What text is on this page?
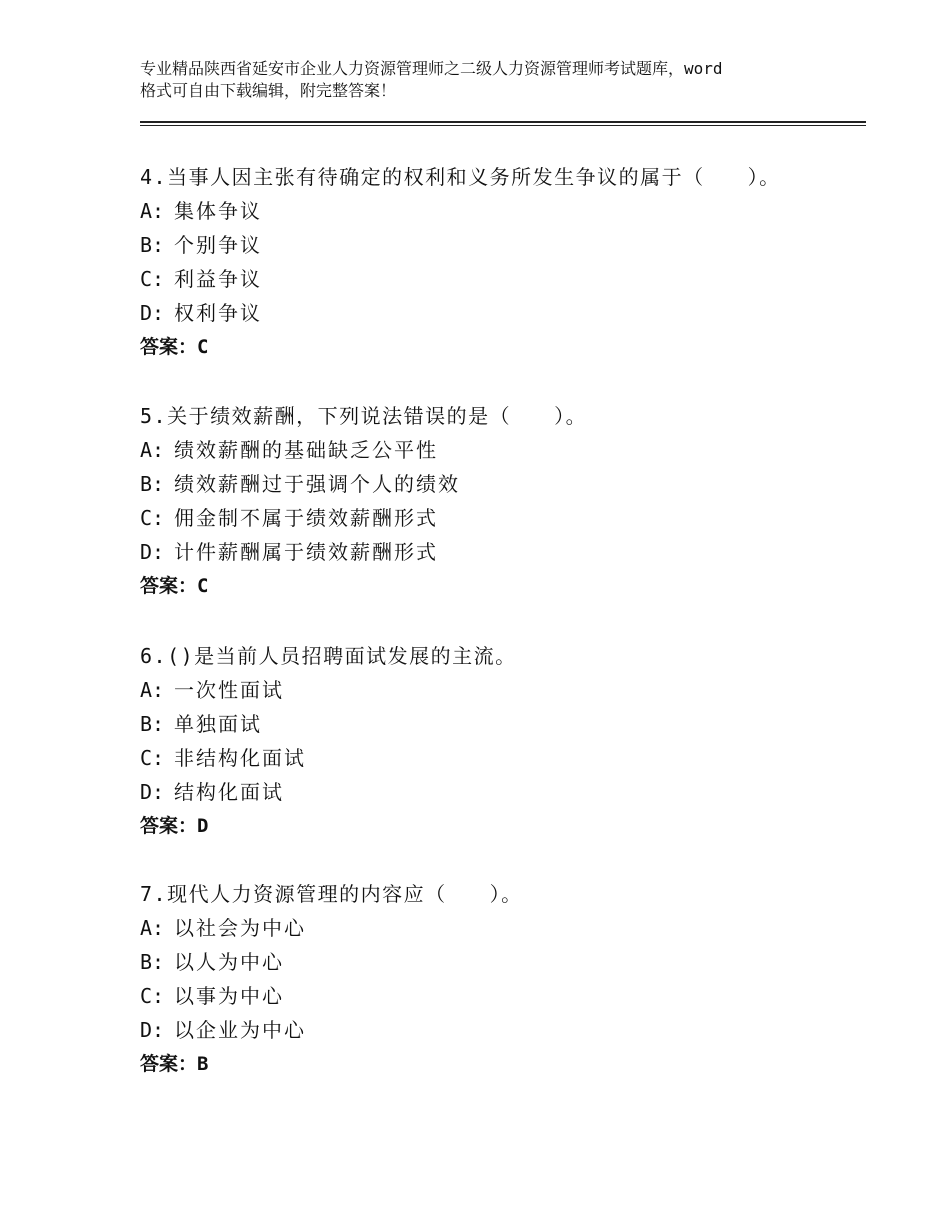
专业精品陕西省延安市企业人力资源管理师之二级人力资源管理师考试题库，word
格式可自由下载编辑，附完整答案！
4.当事人因主张有待确定的权利和义务所发生争议的属于（　　）。
A: 集体争议
B: 个别争议
C: 利益争议
D: 权利争议
答案：C
5.关于绩效薪酬，下列说法错误的是（　　）。
A: 绩效薪酬的基础缺乏公平性
B: 绩效薪酬过于强调个人的绩效
C: 佣金制不属于绩效薪酬形式
D: 计件薪酬属于绩效薪酬形式
答案：C
6.()是当前人员招聘面试发展的主流。
A: 一次性面试
B: 单独面试
C: 非结构化面试
D: 结构化面试
答案：D
7.现代人力资源管理的内容应（　　）。
A: 以社会为中心
B: 以人为中心
C: 以事为中心
D: 以企业为中心
答案：B
